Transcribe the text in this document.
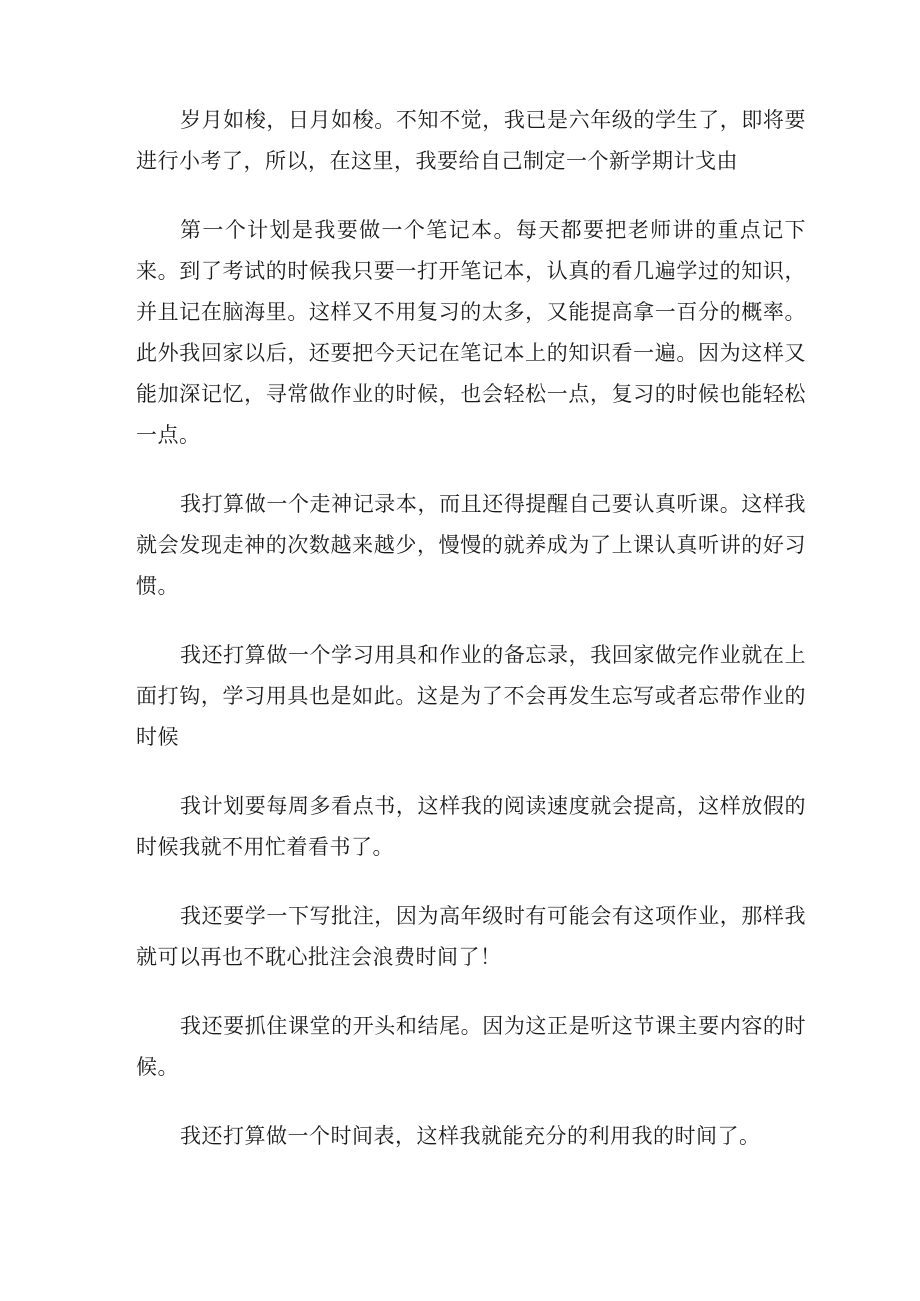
岁月如梭，日月如梭。不知不觉，我已是六年级的学生了，即将要进行小考了，所以，在这里，我要给自己制定一个新学期计戈由

第一个计划是我要做一个笔记本。每天都要把老师讲的重点记下来。到了考试的时候我只要一打开笔记本，认真的看几遍学过的知识，并且记在脑海里。这样又不用复习的太多，又能提高拿一百分的概率。此外我回家以后，还要把今天记在笔记本上的知识看一遍。因为这样又能加深记忆，寻常做作业的时候，也会轻松一点，复习的时候也能轻松一点。

我打算做一个走神记录本，而且还得提醒自己要认真听课。这样我就会发现走神的次数越来越少，慢慢的就养成为了上课认真听讲的好习惯。

我还打算做一个学习用具和作业的备忘录，我回家做完作业就在上面打钩，学习用具也是如此。这是为了不会再发生忘写或者忘带作业的时候

我计划要每周多看点书，这样我的阅读速度就会提高，这样放假的时候我就不用忙着看书了。

我还要学一下写批注，因为高年级时有可能会有这项作业，那样我就可以再也不耽心批注会浪费时间了！

我还要抓住课堂的开头和结尾。因为这正是听这节课主要内容的时候。

我还打算做一个时间表，这样我就能充分的利用我的时间了。
